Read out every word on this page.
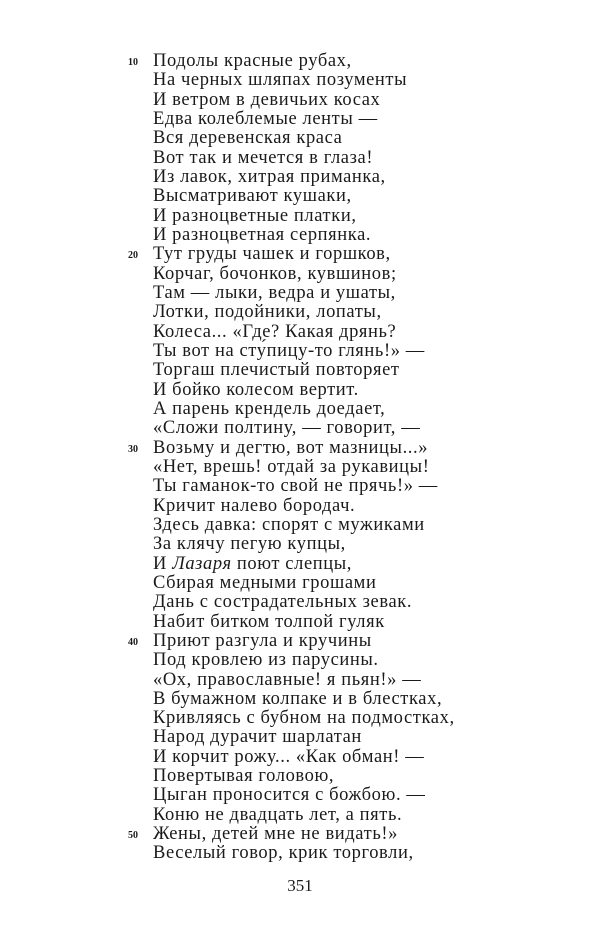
10 Подолы красные рубах,
На черных шляпах позументы
И ветром в девичьих косах
Едва колеблемые ленты —
Вся деревенская краса
Вот так и мечется в глаза!
Из лавок, хитрая приманка,
Высматривают кушаки,
И разноцветные платки,
И разноцветная серпянка.
20 Тут груды чашек и горшков,
Корчаг, бочонков, кувшинов;
Там — лыки, ведра и ушаты,
Лотки, подойники, лопаты,
Колеса... «Где? Какая дрянь?
Ты вот на сту́пицу-то глянь!» —
Торгаш плечистый повторяет
И бойко колесом вертит.
А парень крендель доедает,
«Сложи полтину, — говорит, —
30 Возьму и дегтю, вот мазницы...»
«Нет, врешь! отдай за рукавицы!
Ты гаманок-то свой не прячь!» —
Кричит налево бородач.
Здесь давка: спорят с мужиками
За клячу пегую купцы,
И Лазаря поют слепцы,
Сбирая медными грошами
Дань с сострадательных зевак.
Набит битком толпой гуляк
40 Приют разгула и кручины
Под кровлею из парусины.
«Ох, православные! я пьян!» —
В бумажном колпаке и в блестках,
Кривляясь с бубном на подмостках,
Народ дурачит шарлатан
И корчит рожу... «Как обман! —
Повертывая головою,
Цыган проносится с божбою. —
Коню не двадцать лет, а пять.
50 Жены, детей мне не видать!»
Веселый говор, крик торговли,
351
